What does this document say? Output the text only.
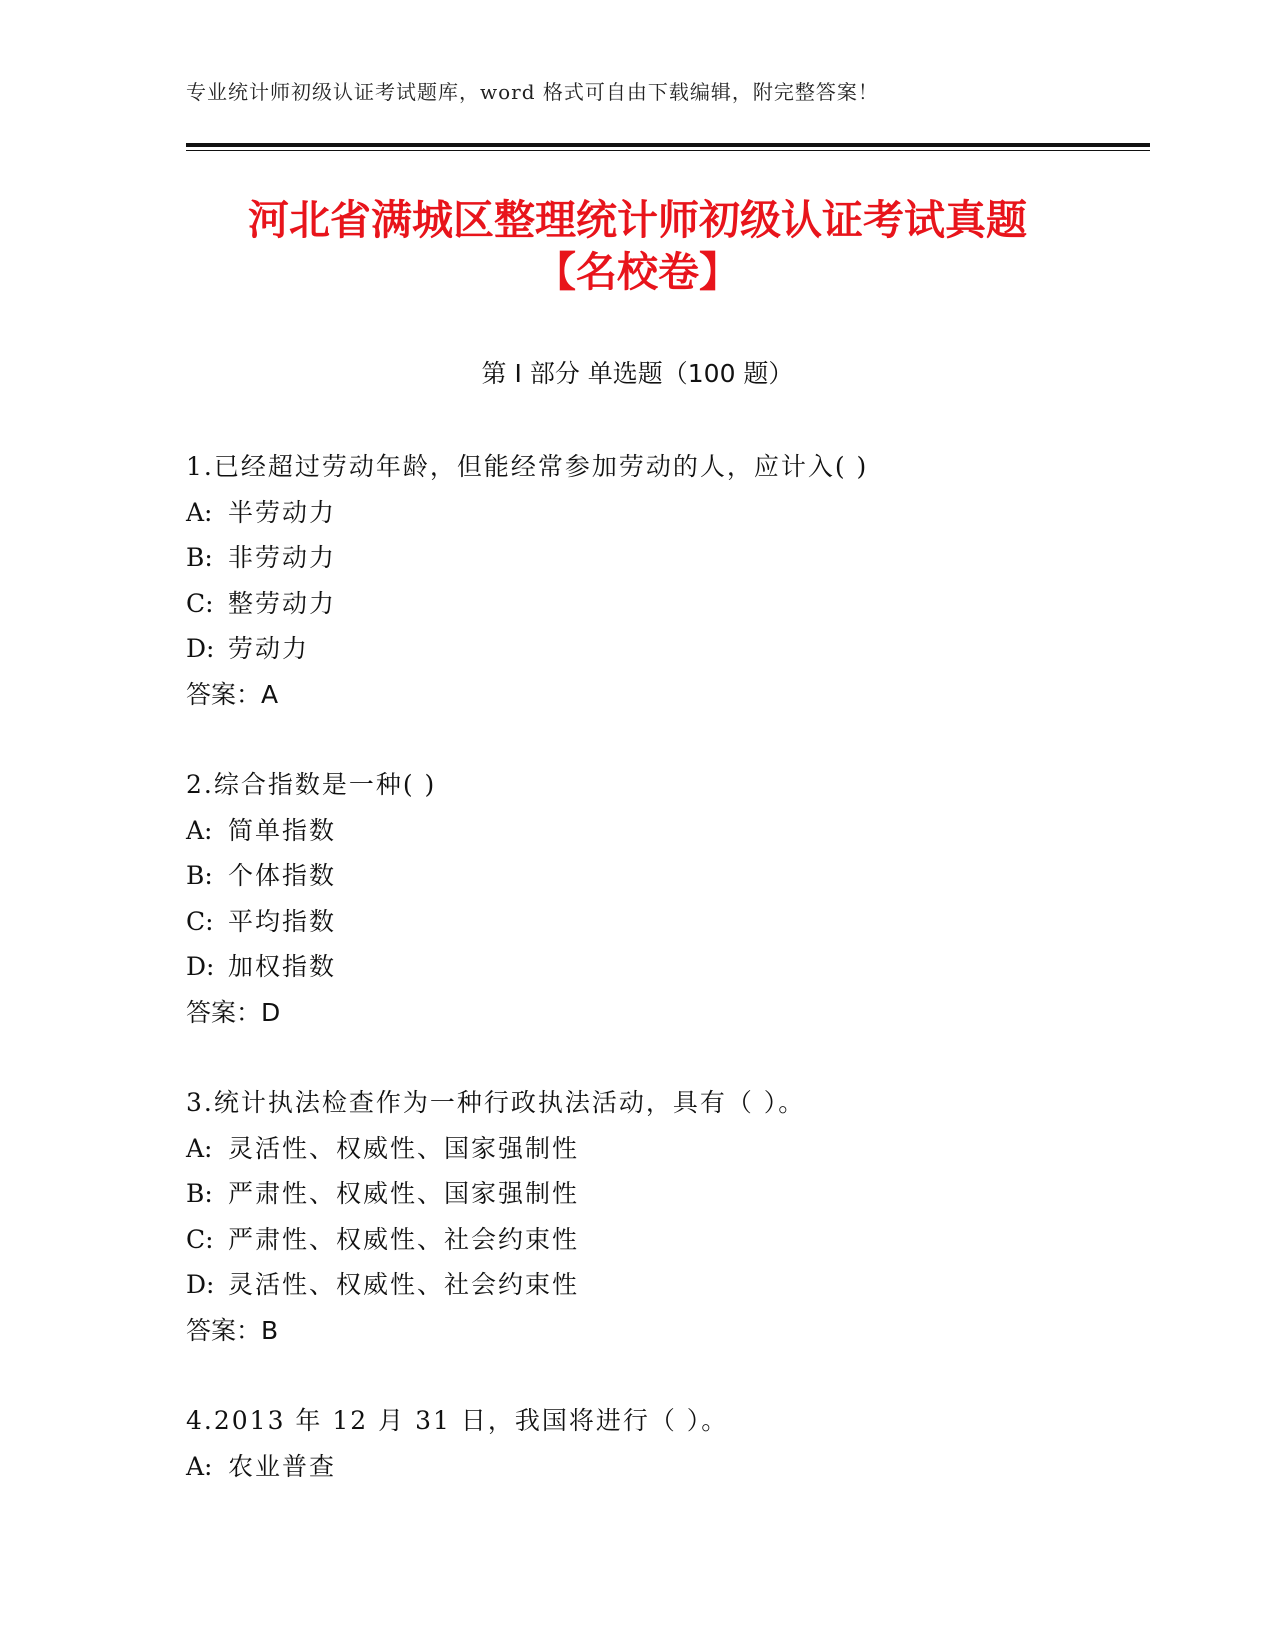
专业统计师初级认证考试题库，word 格式可自由下载编辑，附完整答案！
河北省满城区整理统计师初级认证考试真题
【名校卷】
第 I 部分 单选题（100 题）
1.已经超过劳动年龄，但能经常参加劳动的人，应计入( )
A: 半劳动力
B: 非劳动力
C: 整劳动力
D: 劳动力
答案：A
2.综合指数是一种( )
A: 简单指数
B: 个体指数
C: 平均指数
D: 加权指数
答案：D
3.统计执法检查作为一种行政执法活动，具有（ ）。
A: 灵活性、权威性、国家强制性
B: 严肃性、权威性、国家强制性
C: 严肃性、权威性、社会约束性
D: 灵活性、权威性、社会约束性
答案：B
4.2013 年 12 月 31 日，我国将进行（ ）。
A: 农业普查
